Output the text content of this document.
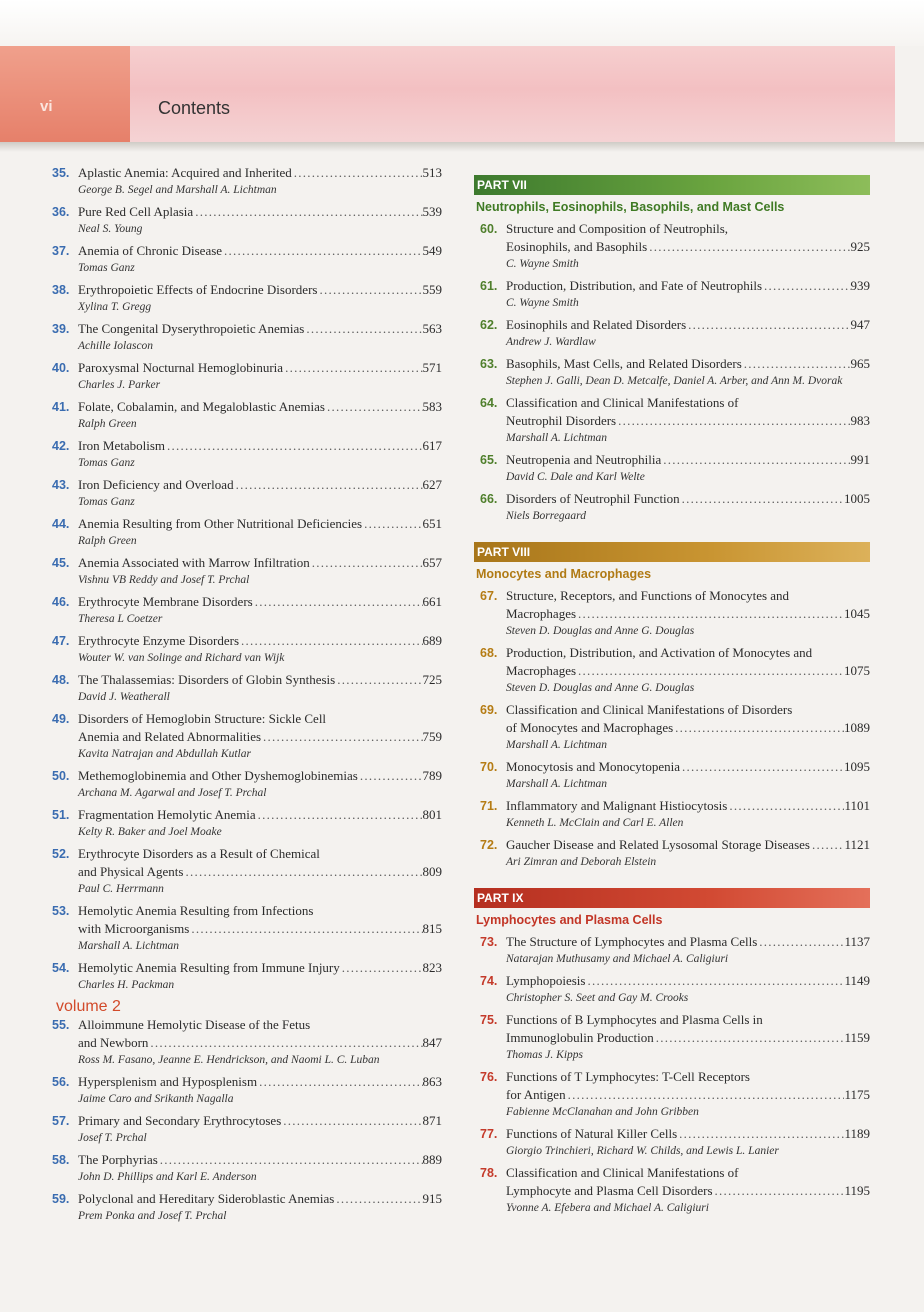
vi	Contents
35. Aplastic Anemia: Acquired and Inherited . . .	513
George B. Segel and Marshall A. Lichtman
36. Pure Red Cell Aplasia . . .	539
Neal S. Young
37. Anemia of Chronic Disease . . .	549
Tomas Ganz
38. Erythropoietic Effects of Endocrine Disorders . . .	559
Xylina T. Gregg
39. The Congenital Dyserythropoietic Anemias . . .	563
Achille Iolascon
40. Paroxysmal Nocturnal Hemoglobinuria . . .	571
Charles J. Parker
41. Folate, Cobalamin, and Megaloblastic Anemias . . .	583
Ralph Green
42. Iron Metabolism . . .	617
Tomas Ganz
43. Iron Deficiency and Overload . . .	627
Tomas Ganz
44. Anemia Resulting from Other Nutritional Deficiencies . . .	651
Ralph Green
45. Anemia Associated with Marrow Infiltration . . .	657
Vishnu VB Reddy and Josef T. Prchal
46. Erythrocyte Membrane Disorders . . .	661
Theresa L Coetzer
47. Erythrocyte Enzyme Disorders . . .	689
Wouter W. van Solinge and Richard van Wijk
48. The Thalassemias: Disorders of Globin Synthesis . . .	725
David J. Weatherall
49. Disorders of Hemoglobin Structure: Sickle Cell
Anemia and Related Abnormalities . . .	759
Kavita Natrajan and Abdullah Kutlar
50. Methemoglobinemia and Other Dyshemoglobinemias . . .	789
Archana M. Agarwal and Josef T. Prchal
51. Fragmentation Hemolytic Anemia . . .	801
Kelty R. Baker and Joel Moake
52. Erythrocyte Disorders as a Result of Chemical
and Physical Agents . . .	809
Paul C. Herrmann
53. Hemolytic Anemia Resulting from Infections
with Microorganisms . . .	815
Marshall A. Lichtman
54. Hemolytic Anemia Resulting from Immune Injury . . .	823
Charles H. Packman
volume 2
55. Alloimmune Hemolytic Disease of the Fetus
and Newborn . . .	847
Ross M. Fasano, Jeanne E. Hendrickson, and Naomi L. C. Luban
56. Hypersplenism and Hyposplenism . . .	863
Jaime Caro and Srikanth Nagalla
57. Primary and Secondary Erythrocytoses . . .	871
Josef T. Prchal
58. The Porphyrias . . .	889
John D. Phillips and Karl E. Anderson
59. Polyclonal and Hereditary Sideroblastic Anemias . . .	915
Prem Ponka and Josef T. Prchal
PART VII
Neutrophils, Eosinophils, Basophils, and Mast Cells
60. Structure and Composition of Neutrophils,
Eosinophils, and Basophils . . .	925
C. Wayne Smith
61. Production, Distribution, and Fate of Neutrophils . . .	939
C. Wayne Smith
62. Eosinophils and Related Disorders . . .	947
Andrew J. Wardlaw
63. Basophils, Mast Cells, and Related Disorders . . .	965
Stephen J. Galli, Dean D. Metcalfe, Daniel A. Arber, and Ann M. Dvorak
64. Classification and Clinical Manifestations of
Neutrophil Disorders . . .	983
Marshall A. Lichtman
65. Neutropenia and Neutrophilia . . .	991
David C. Dale and Karl Welte
66. Disorders of Neutrophil Function . . .	1005
Niels Borregaard
PART VIII
Monocytes and Macrophages
67. Structure, Receptors, and Functions of Monocytes and
Macrophages . . .	1045
Steven D. Douglas and Anne G. Douglas
68. Production, Distribution, and Activation of Monocytes and
Macrophages . . .	1075
Steven D. Douglas and Anne G. Douglas
69. Classification and Clinical Manifestations of Disorders
of Monocytes and Macrophages . . .	1089
Marshall A. Lichtman
70. Monocytosis and Monocytopenia . . .	1095
Marshall A. Lichtman
71. Inflammatory and Malignant Histiocytosis . . .	1101
Kenneth L. McClain and Carl E. Allen
72. Gaucher Disease and Related Lysosomal Storage Diseases . . .	1121
Ari Zimran and Deborah Elstein
PART IX
Lymphocytes and Plasma Cells
73. The Structure of Lymphocytes and Plasma Cells . . .	1137
Natarajan Muthusamy and Michael A. Caligiuri
74. Lymphopoiesis . . .	1149
Christopher S. Seet and Gay M. Crooks
75. Functions of B Lymphocytes and Plasma Cells in
Immunoglobulin Production . . .	1159
Thomas J. Kipps
76. Functions of T Lymphocytes: T-Cell Receptors
for Antigen . . .	1175
Fabienne McClanahan and John Gribben
77. Functions of Natural Killer Cells . . .	1189
Giorgio Trinchieri, Richard W. Childs, and Lewis L. Lanier
78. Classification and Clinical Manifestations of
Lymphocyte and Plasma Cell Disorders . . .	1195
Yvonne A. Efebera and Michael A. Caligiuri
